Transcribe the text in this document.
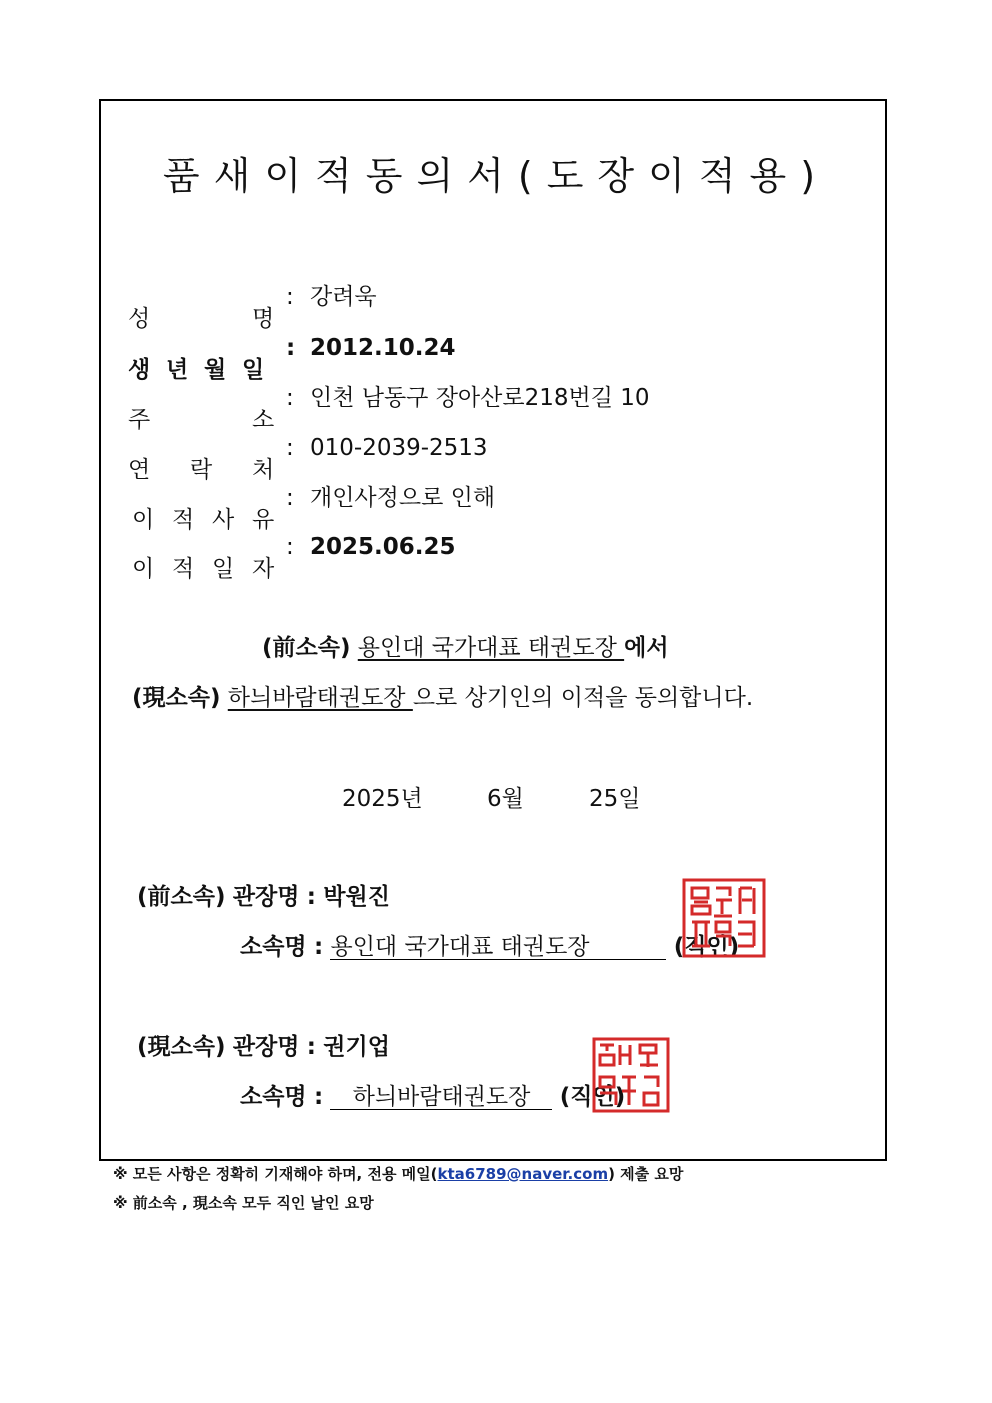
품새이적동의서(도장이적용)
성	명
: 강려욱
생 년 월 일
: 2012.10.24
주	소
: 인천 남동구 장아산로218번길 10
연 락 처
: 010-2039-2513
이 적 사 유
: 개인사정으로 인해
이 적 일 자
: 2025.06.25
(前소속) 용인대 국가대표 태권도장 에서
(現소속) 하늬바람태권도장 으로 상기인의 이적을 동의합니다.
2025년	6월	25일
(前소속) 관장명 : 박원진
소속명 : 용인대 국가대표 태권도장	(직인)
(現소속) 관장명 : 권기업
소속명 : 하늬바람태권도장 (직인)
※ 모든 사항은 정확히 기재해야 하며, 전용 메일(kta6789@naver.com) 제출 요망
※ 前소속 , 現소속 모두 직인 날인 요망
